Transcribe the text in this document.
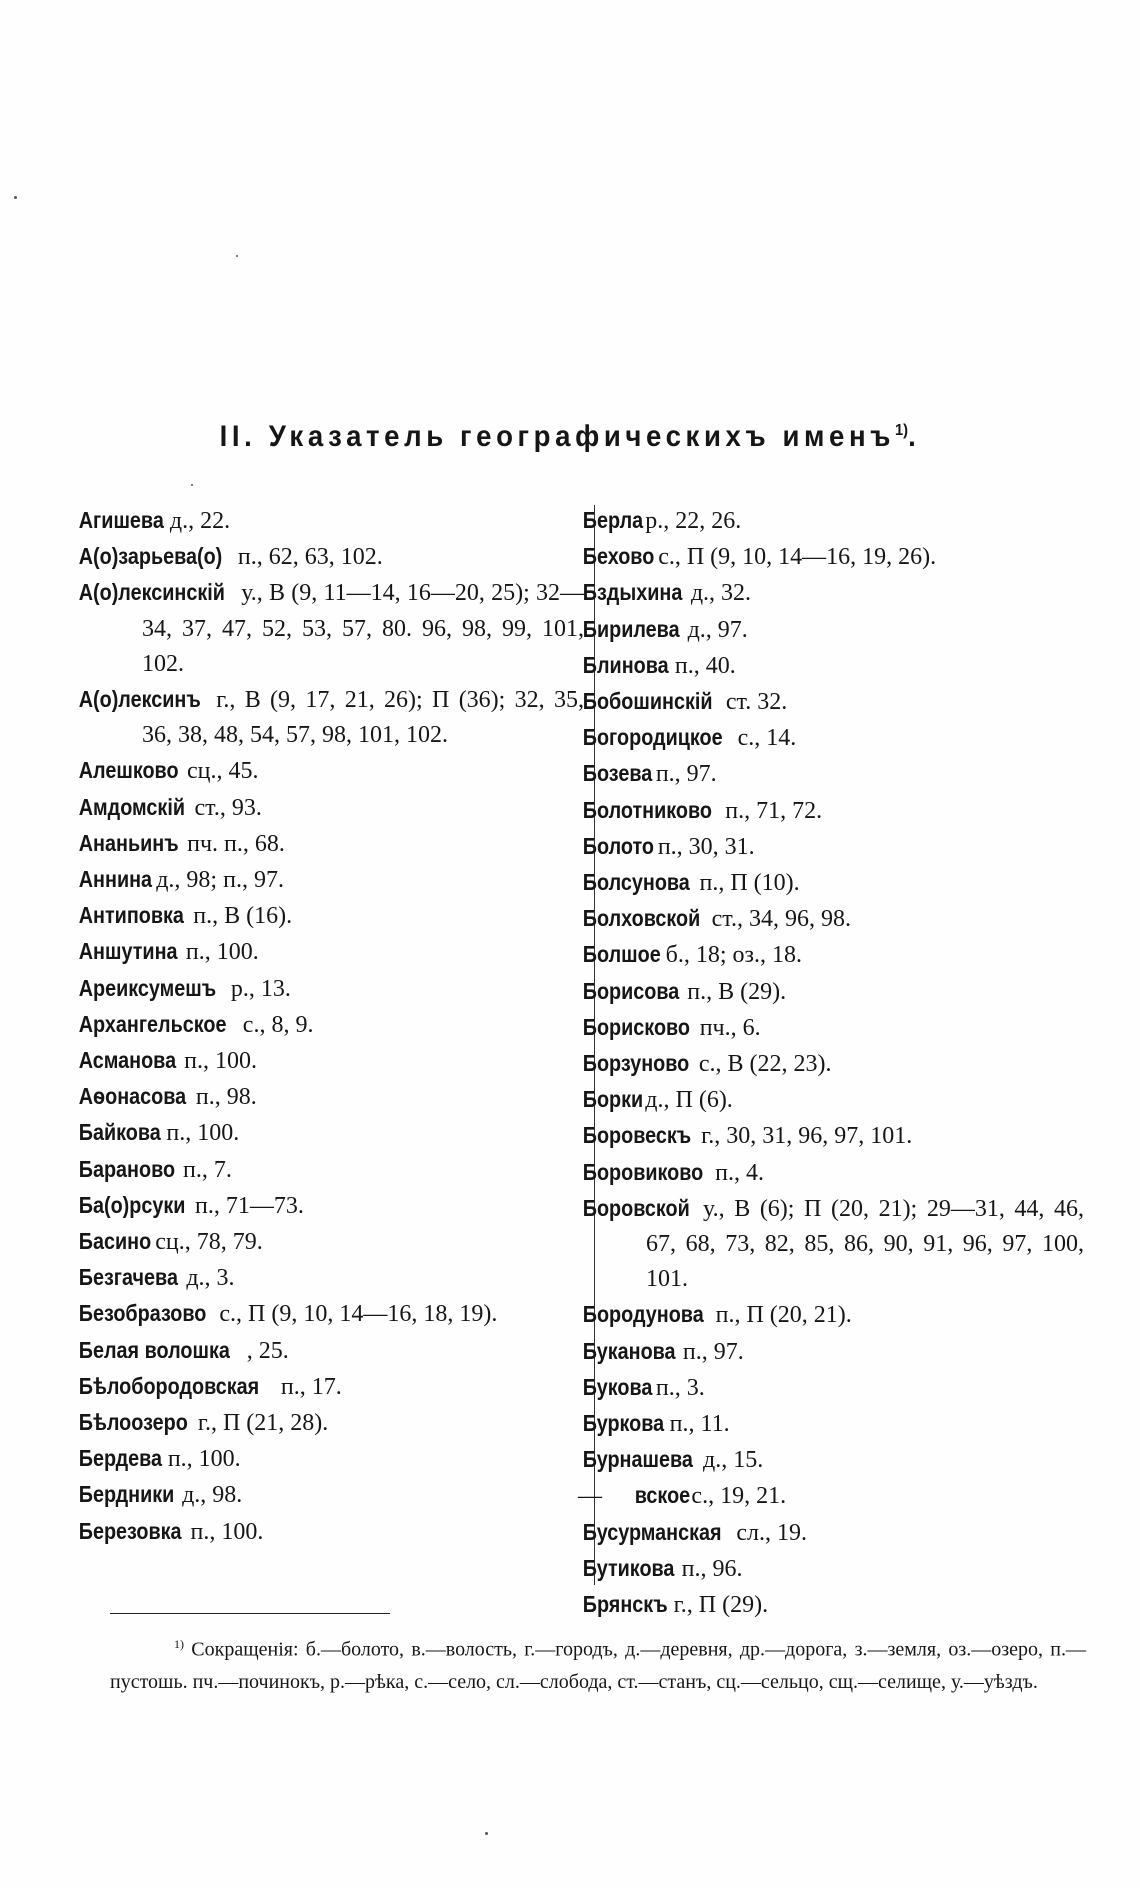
II. Указатель географическихъ именъ$^{1)}$.
Агишева д., 22.
А(о)зарьева(о) п., 62, 63, 102.
А(о)лексинскій у., В (9, 11—14, 16—20, 25); 32—34, 37, 47, 52, 53, 57, 80. 96, 98, 99, 101, 102.
А(о)лексинъ г., В (9, 17, 21, 26); П (36); 32, 35, 36, 38, 48, 54, 57, 98, 101, 102.
Алешково сц., 45.
Амдомскій ст., 93.
Ананьинъ пч. п., 68.
Аннина д., 98; п., 97.
Антиповка п., В (16).
Аншутина п., 100.
Ареиксумешъ р., 13.
Архангельское с., 8, 9.
Асманова п., 100.
Аѳонасова п., 98.
Байкова п., 100.
Бараново п., 7.
Ба(о)рсуки п., 71—73.
Басино сц., 78, 79.
Безгачева д., 3.
Безобразово с., П (9, 10, 14—16, 18, 19).
Белая волошка , 25.
Бѣлобородовская п., 17.
Бѣлоозеро г., П (21, 28).
Бердева п., 100.
Бердники д., 98.
Березовка п., 100.
Берла р., 22, 26.
Бехово с., П (9, 10, 14—16, 19, 26).
Бздыхина д., 32.
Бирилева д., 97.
Блинова п., 40.
Бобошинскій ст. 32.
Богородицкое с., 14.
Бозева п., 97.
Болотниково п., 71, 72.
Болото п., 30, 31.
Болсунова п., П (10).
Болховской ст., 34, 96, 98.
Болшое б., 18; оз., 18.
Борисова п., В (29).
Борисково пч., 6.
Борзуново с., В (22, 23).
Борки д., П (6).
Боровескъ г., 30, 31, 96, 97, 101.
Боровиково п., 4.
Боровской у., В (6); П (20, 21); 29—31, 44, 46, 67, 68, 73, 82, 85, 86, 90, 91, 96, 97, 100, 101.
Бородунова п., П (20, 21).
Буканова п., 97.
Букова п., 3.
Буркова п., 11.
Бурнашева д., 15.
— вское с., 19, 21.
Бусурманская сл., 19.
Бутикова п., 96.
Брянскъ г., П (29).
$^{1)}$ Сокращенія: б.—болото, в.—волость, г.—городъ, д.—деревня, др.—дорога, з.—земля, оз.—озеро, п.—пустошь. пч.—починокъ, р.—рѣка, с.—село, сл.—слобода, ст.—станъ, сц.—сельцо, сщ.—селище, у.—уѣздъ.
